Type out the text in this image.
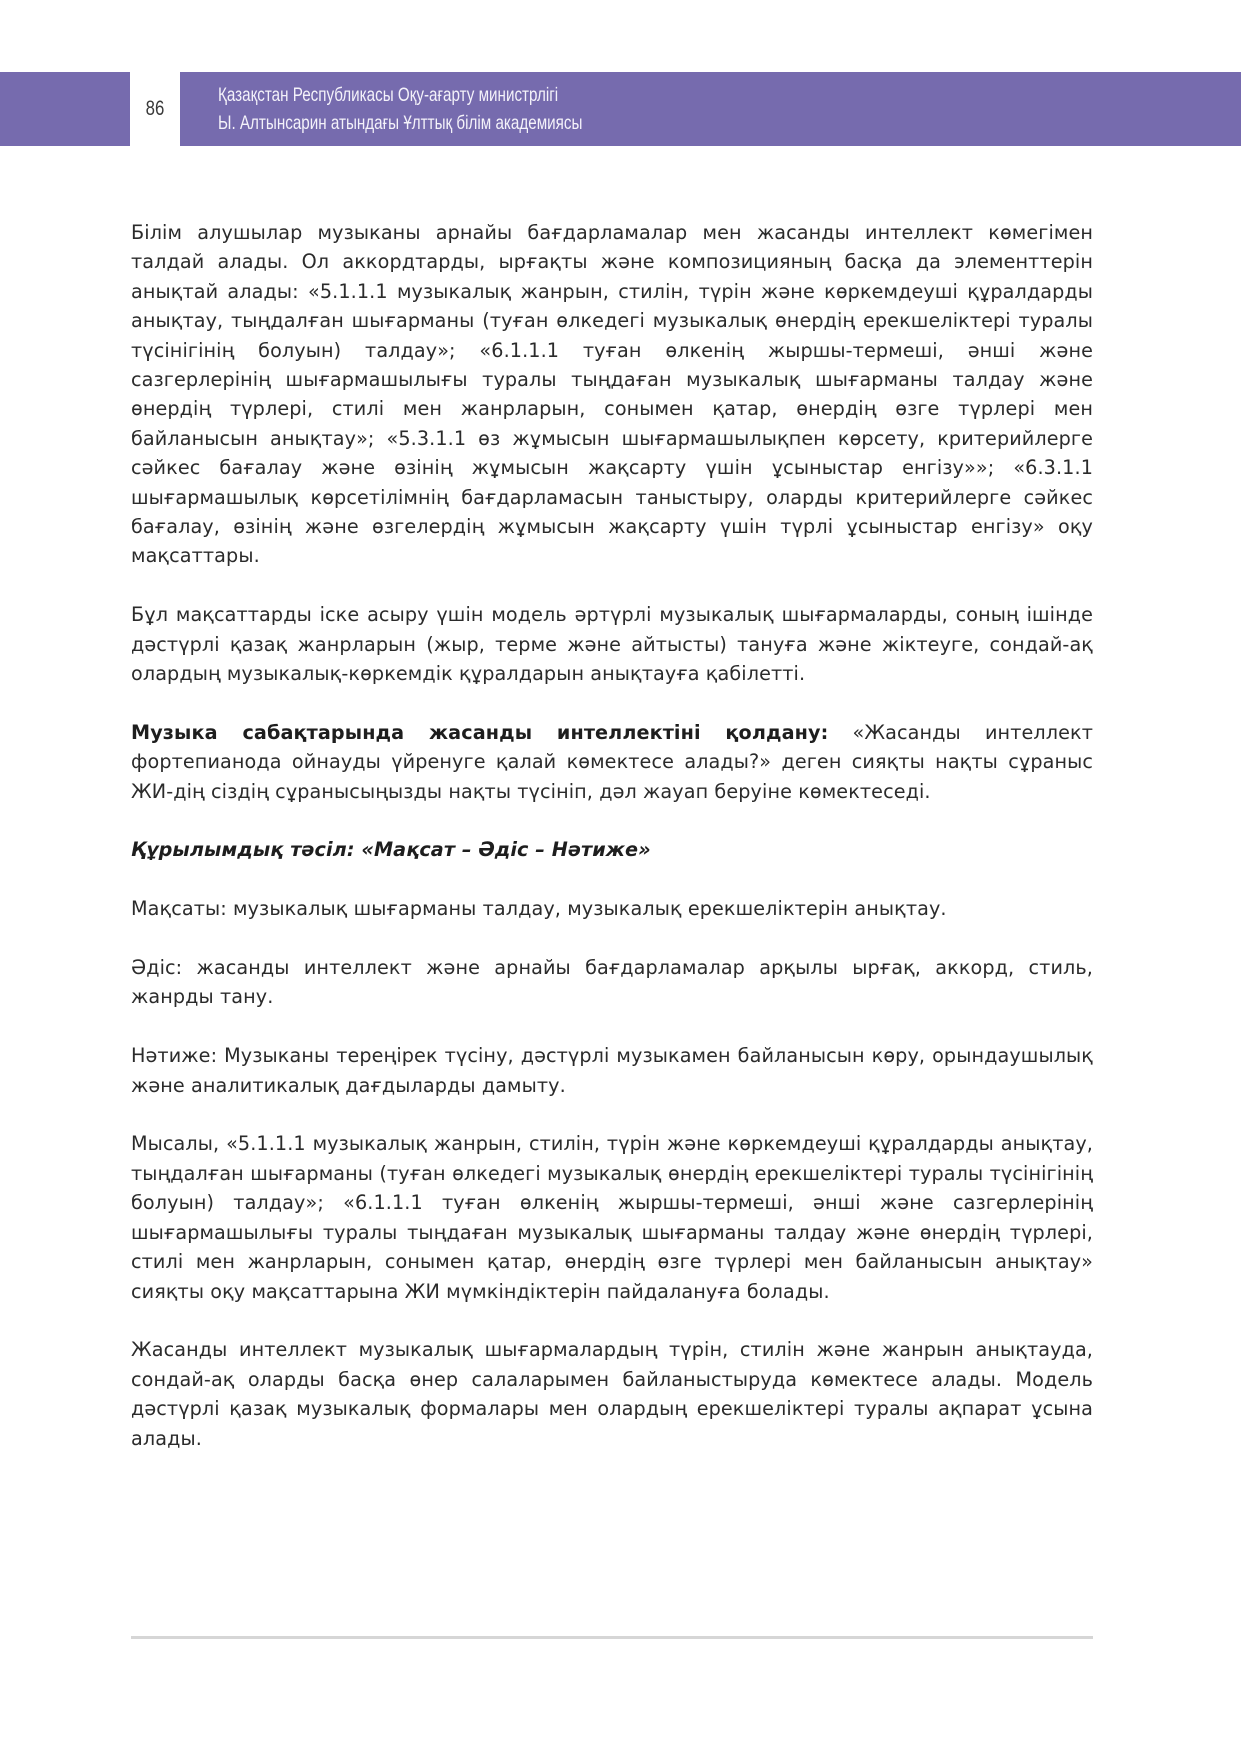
86
Қазақстан Республикасы Оқу-ағарту министрлігі
Ы. Алтынсарин атындағы Ұлттық білім академиясы

Білім алушылар музыканы арнайы бағдарламалар мен жасанды интеллект көмегімен талдай алады. Ол аккордтарды, ырғақты және композицияның басқа да элементтерін анықтай алады: «5.1.1.1 музыкалық жанрын, стилін, түрін және көркемдеуші құралдарды анықтау, тыңдалған шығарманы (туған өлкедегі музыкалық өнердің ерекшеліктері туралы түсінігінің болуын) талдау»; «6.1.1.1 туған өлкенің жыршы-термеші, әнші және сазгерлерінің шығармашылығы туралы тыңдаған музыкалық шығарманы талдау және өнердің түрлері, стилі мен жанрларын, сонымен қатар, өнердің өзге түрлері мен байланысын анықтау»; «5.3.1.1 өз жұмысын шығармашылықпен көрсету, критерийлерге сәйкес бағалау және өзінің жұмысын жақсарту үшін ұсыныстар енгізу»»; «6.3.1.1 шығармашылық көрсетілімнің бағдарламасын таныстыру, оларды критерийлерге сәйкес бағалау, өзінің және өзгелердің жұмысын жақсарту үшін түрлі ұсыныстар енгізу» оқу мақсаттары.

Бұл мақсаттарды іске асыру үшін модель әртүрлі музыкалық шығармаларды, соның ішінде дәстүрлі қазақ жанрларын (жыр, терме және айтысты) тануға және жіктеуге, сондай-ақ олардың музыкалық-көркемдік құралдарын анықтауға қабілетті.

Музыка сабақтарында жасанды интеллектіні қолдану: «Жасанды интеллект фортепианода ойнауды үйренуге қалай көмектесе алады?» деген сияқты нақты сұраныс ЖИ-дің сіздің сұранысыңызды нақты түсініп, дәл жауап беруіне көмектеседі.

Құрылымдық тәсіл: «Мақсат – Әдіс – Нәтиже»

Мақсаты: музыкалық шығарманы талдау, музыкалық ерекшеліктерін анықтау.

Әдіс: жасанды интеллект және арнайы бағдарламалар арқылы ырғақ, аккорд, стиль, жанрды тану.

Нәтиже: Музыканы тереңірек түсіну, дәстүрлі музыкамен байланысын көру, орындаушылық және аналитикалық дағдыларды дамыту.

Мысалы, «5.1.1.1 музыкалық жанрын, стилін, түрін және көркемдеуші құралдарды анықтау, тыңдалған шығарманы (туған өлкедегі музыкалық өнердің ерекшеліктері туралы түсінігінің болуын) талдау»; «6.1.1.1 туған өлкенің жыршы-термеші, әнші және сазгерлерінің шығармашылығы туралы тыңдаған музыкалық шығарманы талдау және өнердің түрлері, стилі мен жанрларын, сонымен қатар, өнердің өзге түрлері мен байланысын анықтау» сияқты оқу мақсаттарына ЖИ мүмкіндіктерін пайдалануға болады.

Жасанды интеллект музыкалық шығармалардың түрін, стилін және жанрын анықтауда, сондай-ақ оларды басқа өнер салаларымен байланыстыруда көмектесе алады. Модель дәстүрлі қазақ музыкалық формалары мен олардың ерекшеліктері туралы ақпарат ұсына алады.
